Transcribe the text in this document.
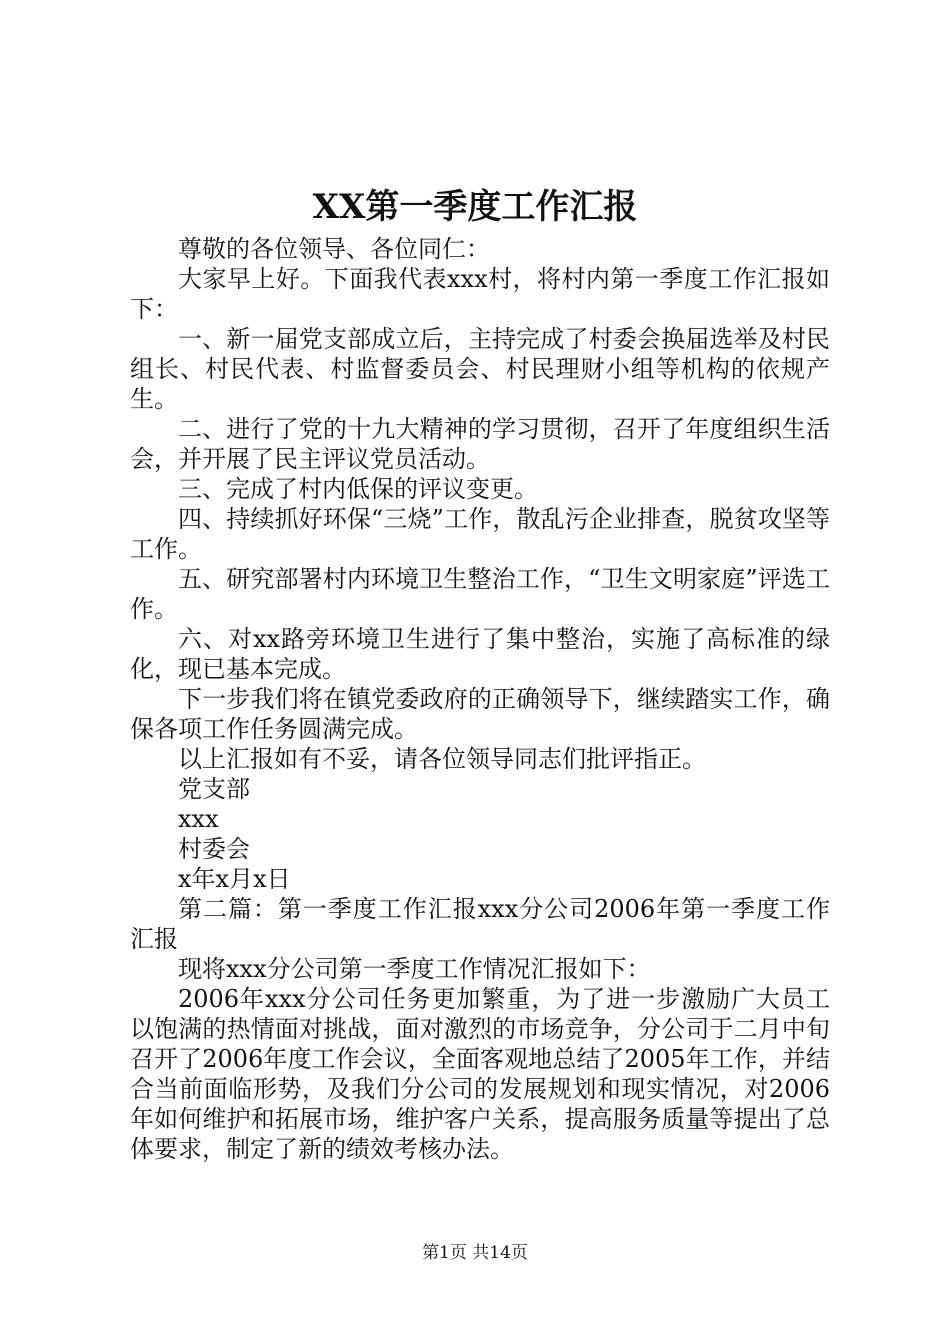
XX第一季度工作汇报

尊敬的各位领导、各位同仁：

大家早上好。下面我代表xxx村，将村内第一季度工作汇报如下：

一、新一届党支部成立后，主持完成了村委会换届选举及村民组长、村民代表、村监督委员会、村民理财小组等机构的依规产生。

二、进行了党的十九大精神的学习贯彻，召开了年度组织生活会，并开展了民主评议党员活动。

三、完成了村内低保的评议变更。

四、持续抓好环保“三烧”工作，散乱污企业排查，脱贫攻坚等工作。

五、研究部署村内环境卫生整治工作，“卫生文明家庭”评选工作。

六、对xx路旁环境卫生进行了集中整治，实施了高标准的绿化，现已基本完成。

下一步我们将在镇党委政府的正确领导下，继续踏实工作，确保各项工作任务圆满完成。

以上汇报如有不妥，请各位领导同志们批评指正。

党支部

xxx

村委会

x年x月x日

第二篇：第一季度工作汇报xxx分公司2006年第一季度工作汇报

现将xxx分公司第一季度工作情况汇报如下：

2006年xxx分公司任务更加繁重，为了进一步激励广大员工以饱满的热情面对挑战，面对激烈的市场竞争，分公司于二月中旬召开了2006年度工作会议，全面客观地总结了2005年工作，并结合当前面临形势，及我们分公司的发展规划和现实情况，对2006年如何维护和拓展市场，维护客户关系，提高服务质量等提出了总体要求，制定了新的绩效考核办法。

第1页 共14页
